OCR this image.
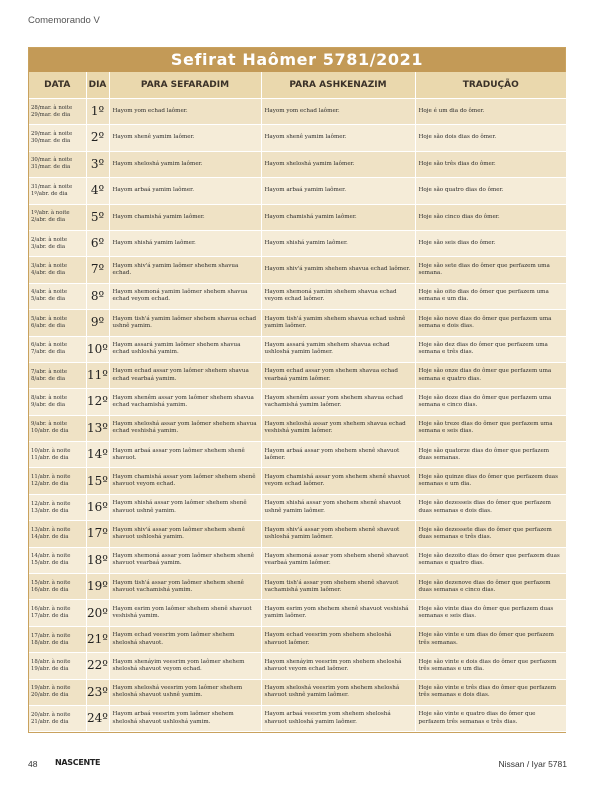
Comemorando V
Sefirat Haômer 5781/2021
DATA	DIA	PARA SEFARADIM	PARA ASHKENAZIM	TRADUÇÃO

28/mar. à noite
29/mar. de dia	1º	Hayom yom echad laômer.	Hayom yom echad laômer.	Hoje é um dia do ômer.

29/mar. à noite
30/mar. de dia	2º	Hayom shenê yamim laômer.	Hayom shenê yamim laômer.	Hoje são dois dias do ômer.

30/mar. à noite
31/mar. de dia	3º	Hayom sheloshá yamim laômer.	Hayom sheloshá yamim laômer.	Hoje são três dias do ômer.

31/mar. à noite
1º/abr. de dia	4º	Hayom arbaá yamim laômer.	Hayom arbaá yamim laômer.	Hoje são quatro dias do ômer.

1º/abr. à noite
2/abr. de dia	5º	Hayom chamishá yamim laômer.	Hayom chamishá yamim laômer.	Hoje são cinco dias do ômer.

2/abr. à noite
3/abr. de dia	6º	Hayom shishá yamim laômer.	Hayom shishá yamim laômer.	Hoje são seis dias do ômer.

3/abr. à noite
4/abr. de dia	7º	Hayom shiv'á yamim laômer shehem shavua echad.	Hayom shiv'á yamim shehem shavua echad laômer.	Hoje são sete dias do ômer que perfazem uma semana.

4/abr. à noite
5/abr. de dia	8º	Hayom shemoná yamim laômer shehem shavua echad veyom echad.	Hayom shemoná yamim shehem shavua echad veyom echad laômer.	Hoje são oito dias do ômer que perfazem uma semana e um dia.

5/abr. à noite
6/abr. de dia	9º	Hayom tish'á yamim laômer shehem shavua echad ushnê yamim.	Hayom tish'á yamim shehem shavua echad ushnê yamim laômer.	Hoje são nove dias do ômer que perfazem uma semana e dois dias.

6/abr. à noite
7/abr. de dia	10º	Hayom assará yamim laômer shehem shavua echad ushloshá yamim.	Hayom assará yamim shehem shavua echad ushloshá yamim laômer.	Hoje são dez dias do ômer que perfazem uma semana e três dias.

7/abr. à noite
8/abr. de dia	11º	Hayom echad assar yom laômer shehem shavua echad vearbaá yamim.	Hayom echad assar yom shehem shavua echad vearbaá yamim laômer.	Hoje são onze dias do ômer que perfazem uma semana e quatro dias.

8/abr. à noite
9/abr. de dia	12º	Hayom shenêm assar yom laômer shehem shavua echad vachamishá yamim.	Hayom shenêm assar yom shehem shavua echad vachamishá yamim laômer.	Hoje são doze dias do ômer que perfazem uma semana e cinco dias.

9/abr. à noite
10/abr. de dia	13º	Hayom sheloshá assar yom laômer shehem shavua echad veshishá yamim.	Hayom sheloshá assar yom shehem shavua echad veshishá yamim laômer.	Hoje são treze dias do ômer que perfazem uma semana e seis dias.

10/abr. à noite
11/abr. de dia	14º	Hayom arbaá assar yom laômer shehem shenê shavuot.	Hayom arbaá assar yom shehem shenê shavuot laômer.	Hoje são quatorze dias do ômer que perfazem duas semanas.

11/abr. à noite
12/abr. de dia	15º	Hayom chamishá assar yom laômer shehem shenê shavuot veyom echad.	Hayom chamishá assar yom shehem shenê shavuot veyom echad laômer.	Hoje são quinze dias do ômer que perfazem duas semanas e um dia.

12/abr. à noite
13/abr. de dia	16º	Hayom shishá assar yom laômer shehem shenê shavuot ushnê yamim.	Hayom shishá assar yom shehem shenê shavuot ushnê yamim laômer.	Hoje são dezesseis dias do ômer que perfazem duas semanas e dois dias.

13/abr. à noite
14/abr. de dia	17º	Hayom shiv'á assar yom laômer shehem shenê shavuot ushloshá yamim.	Hayom shiv'á assar yom shehem shenê shavuot ushloshá yamim laômer.	Hoje são dezessete dias do ômer que perfazem duas semanas e três dias.

14/abr. à noite
15/abr. de dia	18º	Hayom shemoná assar yom laômer shehem shenê shavuot vearbaá yamim.	Hayom shemoná assar yom shehem shenê shavuot vearbaá yamim laômer.	Hoje são dezoito dias do ômer que perfazem duas semanas e quatro dias.

15/abr. à noite
16/abr. de dia	19º	Hayom tish'á assar yom laômer shehem shenê shavuot vachamishá yamim.	Hayom tish'á assar yom shehem shenê shavuot vachamishá yamim laômer.	Hoje são dezenove dias do ômer que perfazem duas semanas e cinco dias.

16/abr. à noite
17/abr. de dia	20º	Hayom esrim yom laômer shehem shenê shavuot veshishá yamim.	Hayom esrim yom shehem shenê shavuot veshishá yamim laômer.	Hoje são vinte dias do ômer que perfazem duas semanas e seis dias.

17/abr. à noite
18/abr. de dia	21º	Hayom echad veesrim yom laômer shehem sheloshá shavuot.	Hayom echad veesrim yom shehem sheloshá shavuot laômer.	Hoje são vinte e um dias do ômer que perfazem três semanas.

18/abr. à noite
19/abr. de dia	22º	Hayom shenáyim veesrim yom laômer shehem sheloshá shavuot veyom echad.	Hayom shenáyim veesrim yom shehem sheloshá shavuot veyom echad laômer.	Hoje são vinte e dois dias do ômer que perfazem três semanas e um dia.

19/abr. à noite
20/abr. de dia	23º	Hayom sheloshá veesrim yom laômer shehem sheloshá shavuot ushnê yamim.	Hayom sheloshá veesrim yom shehem sheloshá shavuot ushnê yamim laômer.	Hoje são vinte e três dias do ômer que perfazem três semanas e dois dias.

20/abr. à noite
21/abr. de dia	24º	Hayom arbaá veesrim yom laômer shehem sheloshá shavuot ushloshá yamim.	Hayom arbaá veesrim yom shehem sheloshá shavuot ushloshá yamim laômer.	Hoje são vinte e quatro dias do ômer que perfazem três semanas e três dias.
48 NASCENTE	Nissan / Iyar 5781
